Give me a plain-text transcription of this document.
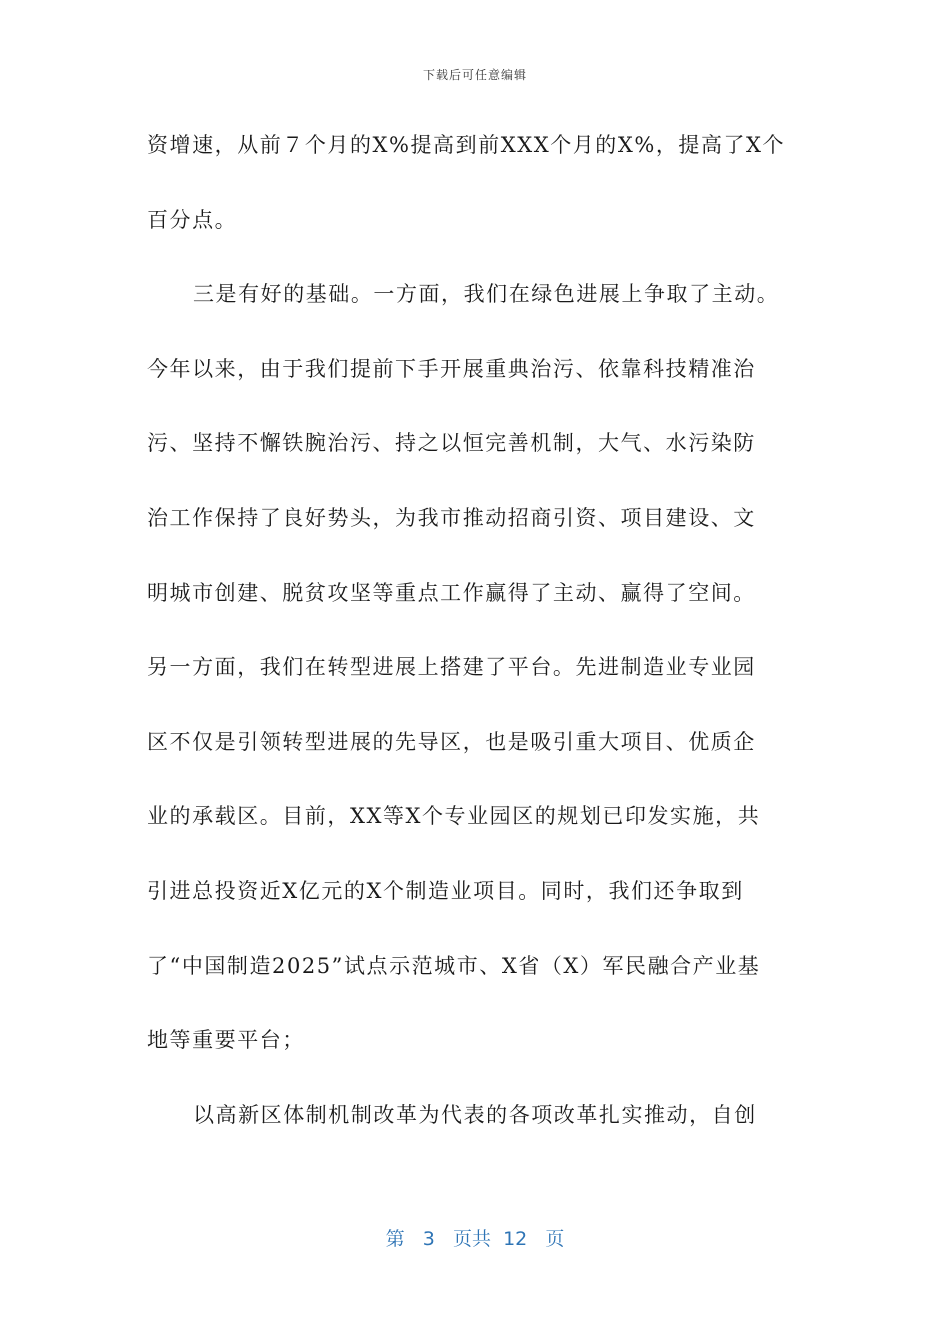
下载后可任意编辑
资增速，从前７个月的X%提高到前XXX个月的X%，提高了X个
百分点。
三是有好的基础。一方面，我们在绿色进展上争取了主动。
今年以来，由于我们提前下手开展重典治污、依靠科技精准治
污、坚持不懈铁腕治污、持之以恒完善机制，大气、水污染防
治工作保持了良好势头，为我市推动招商引资、项目建设、文
明城市创建、脱贫攻坚等重点工作赢得了主动、赢得了空间。
另一方面，我们在转型进展上搭建了平台。先进制造业专业园
区不仅是引领转型进展的先导区，也是吸引重大项目、优质企
业的承载区。目前，XX等X个专业园区的规划已印发实施，共
引进总投资近X亿元的X个制造业项目。同时，我们还争取到
了“中国制造2025”试点示范城市、X省（X）军民融合产业基
地等重要平台；
以高新区体制机制改革为代表的各项改革扎实推动，自创
第 3 页共 12 页
